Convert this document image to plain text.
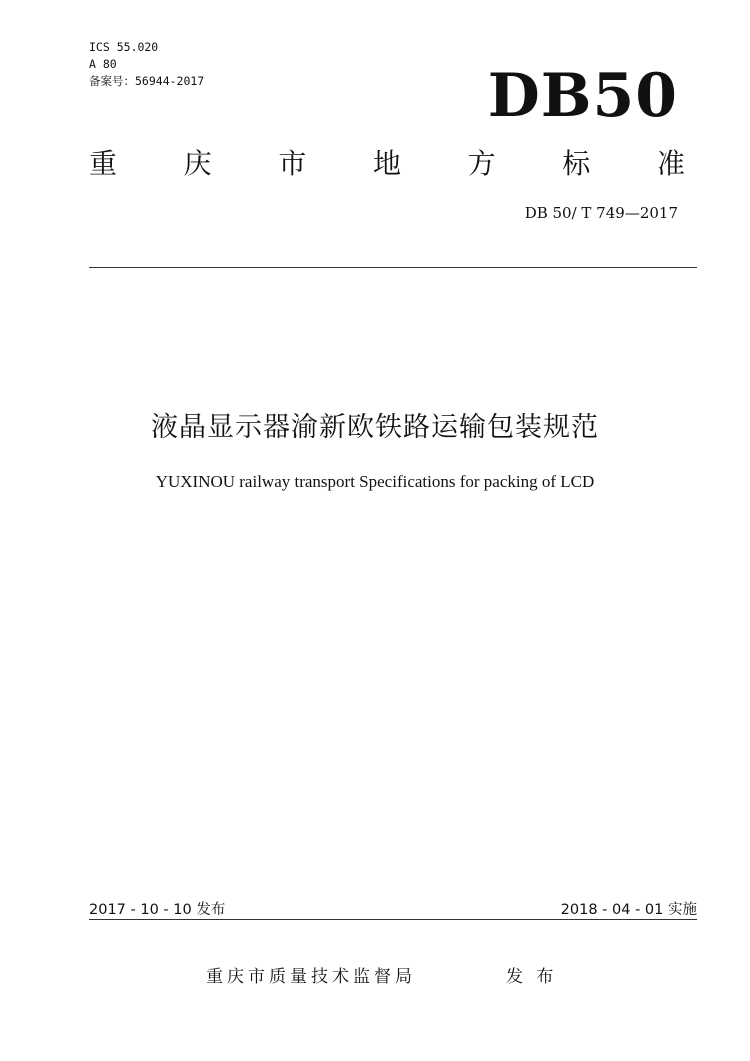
ICS 55.020
A 80
备案号：56944-2017	DB50
重 庆 市 地 方 标 准
DB 50/ T 749—2017
液晶显示器渝新欧铁路运输包装规范
YUXINOU railway transport Specifications for packing of LCD
2017 - 10 - 10 发布	2018 - 04 - 01 实施
重庆市质量技术监督局	发 布
